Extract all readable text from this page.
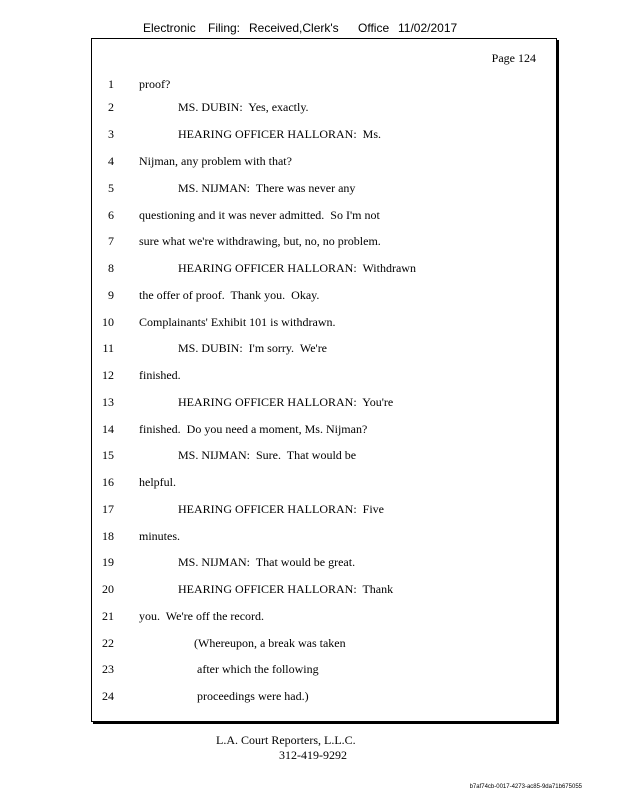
Electronic Filing: Received,Clerk's Office 11/02/2017
Page 124
1 proof?
2	MS. DUBIN:  Yes, exactly.
3	HEARING OFFICER HALLORAN:  Ms.
4 Nijman, any problem with that?
5	MS. NIJMAN:  There was never any
6 questioning and it was never admitted.  So I'm not
7 sure what we're withdrawing, but, no, no problem.
8	HEARING OFFICER HALLORAN:  Withdrawn
9 the offer of proof.  Thank you.  Okay.
10 Complainants' Exhibit 101 is withdrawn.
11	MS. DUBIN:  I'm sorry.  We're
12 finished.
13	HEARING OFFICER HALLORAN:  You're
14 finished.  Do you need a moment, Ms. Nijman?
15	MS. NIJMAN:  Sure.  That would be
16 helpful.
17	HEARING OFFICER HALLORAN:  Five
18 minutes.
19	MS. NIJMAN:  That would be great.
20	HEARING OFFICER HALLORAN:  Thank
21 you.  We're off the record.
22	(Whereupon, a break was taken
23	after which the following
24	proceedings were had.)
L.A. Court Reporters, L.L.C.
312-419-9292
b7af74cb-0017-4273-ac85-9da71b675055
